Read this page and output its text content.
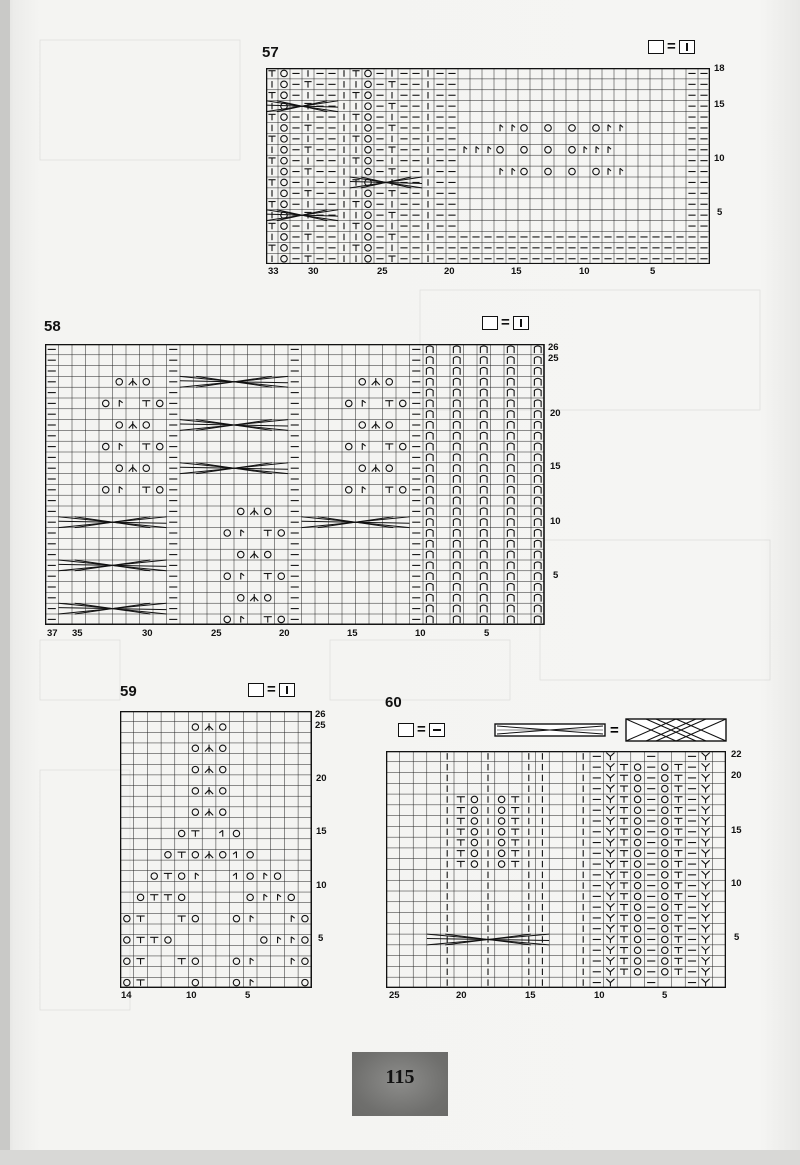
57	=
18
15
10
5
33	30	25	20	15	10	5
58	=
26
25
20
15
10
5
37 35	30	25	20	15	10	5
59	=
26
25
20
15
10
5
14	10	5
60
=	=
22
20
15
10
5
25	20	15	10	5
115
